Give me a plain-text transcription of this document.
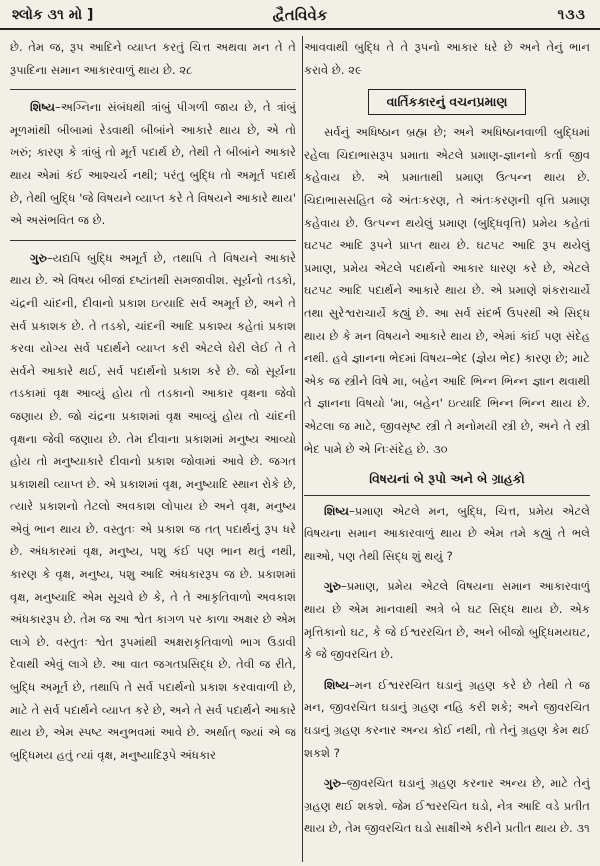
શ્લોક ૩૧ મો ]	દ્વૈતવિવેક	૧૩૩

છે. તેમ જ, રૂપ આદિને વ્યાપ્ત કરતું ચિત્ત અથવા મન તે તે રૂપાદિના સમાન આકારવાળું થાય છે. ૨૮

શિષ્ય–અગ્નિના સંબંધથી ત્રાંબું પીગળી જાય છે, તે ત્રાંબું મૂળમાંથી બીબામાં રેડવાથી બીબાંને આકારે થાય છે, એ તો ખરું; કારણ કે ત્રાંબું તો મૂર્ત પદાર્થ છે, તેથી તે બીબાંને આકારે થાય એમાં કંઈ આશ્ચર્ય નથી; પરંતુ બુદ્ધિ તો અમૂર્ત પદાર્થ છે, તેથી બુદ્ધિ 'જે વિષયને વ્યાપ્ત કરે તે વિષયને આકારે થાય' એ અસંભવિત જ છે.

ગુરુ–યદ્યપિ બુદ્ધિ અમૂર્ત છે, તથાપિ તે વિષયને આકારે થાય છે. એ વિષય બીજાં દષ્ટાંતથી સમજાવીશ. સૂર્યનો તડકો, ચંદ્રની ચાંદની, દીવાનો પ્રકાશ ઇત્યાદિ સર્વ અમૂર્ત છે, અને તે સર્વ પ્રકાશક છે. તે તડકો, ચાંદની આદિ પ્રકાશ્ય કહેતાં પ્રકાશ કરવા યોગ્ય સર્વ પદાર્થને વ્યાપ્ત કરી એટલે ઘેરી લેઈ તે તે સર્વને આકારે થઈ, સર્વ પદાર્થનો પ્રકાશ કરે છે. જો સૂર્યના તડકામાં વૃક્ષ આવ્યું હોય તો તડકાનો આકાર વૃક્ષના જેવો જણાય છે. જો ચંદ્રના પ્રકાશમાં વૃક્ષ આવ્યું હોય તો ચાંદની વૃક્ષના જેવી જણાય છે. તેમ દીવાના પ્રકાશમાં મનુષ્ય આવ્યો હોય તો મનુષ્યાકારે દીવાનો પ્રકાશ જોવામાં આવે છે. જગત પ્રકાશથી વ્યાપ્ત છે. એ પ્રકાશમાં વૃક્ષ, મનુષ્યાદિ સ્થાન રોકે છે, ત્યારે પ્રકાશનો તેટલો અવકાશ લોપાય છે અને વૃક્ષ, મનુષ્ય એવું ભાન થાય છે. વસ્તુતઃ એ પ્રકાશ જ તત્ પદાર્થનું રૂપ ધરે છે. અંધકારમાં વૃક્ષ, મનુષ્ય, પશુ કંઈ પણ ભાન થતું નથી, કારણ કે વૃક્ષ, મનુષ્ય, પશુ આદિ અંધકારરૂપ જ છે. પ્રકાશમાં વૃક્ષ, મનુષ્યાદિ એમ સૂચવે છે કે, તે તે આકૃતિવાળો અવકાશ અંધકારરૂપ છે. તેમ જ આ શ્વેત કાગળ પર કાળા અક્ષર છે એમ લાગે છે. વસ્તુતઃ શ્વેત રૂપમાંથી અક્ષરાકૃતિવાળો ભાગ ઉડાવી દેવાથી એવું લાગે છે. આ વાત જગતપ્રસિદ્ધ છે. તેવી જ રીતે, બુદ્ધિ અમૂર્ત છે, તથાપિ તે સર્વ પદાર્થનો પ્રકાશ કરવાવાળી છે, માટે તે સર્વ પદાર્થને વ્યાપ્ત કરે છે, અને તે સર્વ પદાર્થને આકારે થાય છે, એમ સ્પષ્ટ અનુભવમાં આવે છે. અર્થાત્ જ્યાં એ જ બુદ્ધિમય હતું ત્યાં વૃક્ષ, મનુષ્યાદિરૂપે અંધકાર

આવવાથી બુદ્ધિ તે તે રૂપનો આકાર ધરે છે અને તેનું ભાન કરાવે છે. ૨૯

વાર્તિકકારનું વચનપ્રમાણ

સર્વનું અધિષ્ઠાન બ્રહ્મ છે; અને અધિષ્ઠાનવાળી બુદ્ધિમાં રહેલા ચિદાભાસરૂપ પ્રમાતા એટલે પ્રમાણ-જ્ઞાનનો કર્તા જીવ કહેવાય છે. એ પ્રમાતાથી પ્રમાણ ઉત્પન્ન થાય છે. ચિદાભાસસહિત જે અંતઃકરણ, તે અંતઃકરણની વૃત્તિ પ્રમાણ કહેવાય છે. ઉત્પન્ન થયેલું પ્રમાણ (બુદ્ધિવૃત્તિ) પ્રમેય કહેતાં ઘટપટ આદિ રૂપને પ્રાપ્ત થાય છે. ઘટપટ આદિ રૂપ થયેલું પ્રમાણ, પ્રમેય એટલે પદાર્થનો આકાર ધારણ કરે છે, એટલે ઘટપટ આદિ પદાર્થને આકારે થાય છે. એ પ્રમાણે શંકરાચાર્યે તથા સુરેશ્વરાચાર્યે કહ્યું છે. આ સર્વ સંદર્ભ ઉપરથી એ સિદ્ધ થાય છે કે મન વિષયને આકારે થાય છે, એમાં કાંઈ પણ સંદેહ નથી. હવે જ્ઞાનના ભેદમાં વિષય–ભેદ (જ્ઞેય ભેદ) કારણ છે; માટે એક જ સ્ત્રીને વિષે મા, બહેન આદિ ભિન્ન ભિન્ન જ્ઞાન થવાથી તે જ્ઞાનના વિષયો 'મા, બહેન' ઇત્યાદિ ભિન્ન ભિન્ન થાય છે. એટલા જ માટે, જીવસૃષ્ટ સ્ત્રી તે મનોમયી સ્ત્રી છે, અને તે સ્ત્રી ભેદ પામે છે એ નિઃસંદેહ છે. ૩૦

વિષયનાં બે રૂપો અને બે ગ્રાહકો

શિષ્ય–પ્રમાણ એટલે મન, બુદ્ધિ, ચિત્ત, પ્રમેય એટલે વિષયના સમાન આકારવાળું થાય છે એમ તમે કહ્યું તે ભલે થાઓ, પણ તેથી સિદ્ધ શું થયું ?

ગુરુ–પ્રમાણ, પ્રમેય એટલે વિષયના સમાન આકારવાળું થાય છે એમ માનવાથી અત્રે બે ઘટ સિદ્ધ થાય છે. એક મૃત્તિકાનો ઘટ, કે જે ઈશ્વરરચિત છે, અને બીજો બુદ્ધિમયઘટ, કે જે જીવરચિત છે.

શિષ્ય–મન ઈશ્વરરચિત ઘડાનું ગ્રહણ કરે છે તેથી તે જ મન, જીવરચિત ઘડાનું ગ્રહણ નહિ કરી શકે; અને જીવરચિત ઘડાનું ગ્રહણ કરનાર અન્ય કોઈ નથી, તો તેનું ગ્રહણ કેમ થઈ શકશે ?

ગુરુ–જીવરચિત ઘડાનું ગ્રહણ કરનાર અન્ય છે, માટે તેનું ગ્રહણ થઈ શકશે. જેમ ઈશ્વરરચિત ઘડો, નેત્ર આદિ વડે પ્રતીત થાય છે, તેમ જીવરચિત ઘડો સાક્ષીએ કરીને પ્રતીત થાય છે. ૩૧
